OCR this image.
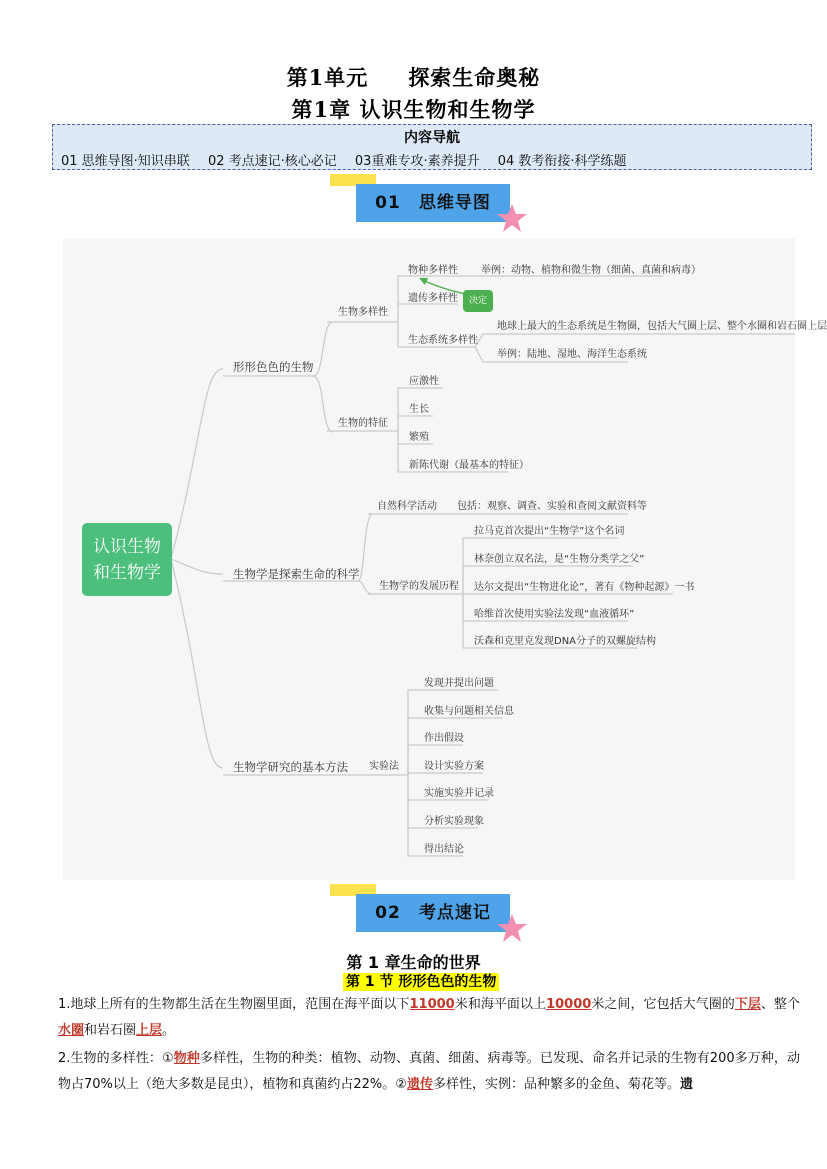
第1单元 探索生命奥秘
第1章 认识生物和生物学
内容导航
01 思维导图·知识串联 02 考点速记·核心必记 03重难专攻·素养提升 04 教考衔接·科学练题
01　思维导图
认识生物
和生物学
形形色色的生物
生物多样性
物种多样性 举例：动物、植物和微生物（细菌、真菌和病毒）
遗传多样性	决定
生态系统多样性
地球上最大的生态系统是生物圈，包括大气圈上层、整个水圈和岩石圈上层
举例：陆地、湿地、海洋生态系统
生物的特征
应激性
生长
繁殖
新陈代谢（最基本的特征）
生物学是探索生命的科学
自然科学活动 包括：观察、调查、实验和查阅文献资料等
生物学的发展历程
拉马克首次提出“生物学”这个名词
林奈创立双名法，是“生物分类学之父”
达尔文提出“生物进化论”，著有《物种起源》一书
哈维首次使用实验法发现“血液循环”
沃森和克里克发现DNA分子的双螺旋结构
生物学研究的基本方法 实验法
发现并提出问题
收集与问题相关信息
作出假设
设计实验方案
实施实验并记录
分析实验现象
得出结论
02　考点速记
第 1 章生命的世界
第 1 节 形形色色的生物
1.地球上所有的生物都生活在生物圈里面，范围在海平面以下11000米和海平面以上10000米之间，它包括大气圈的下层、整个水圈和岩石圈上层。
2.生物的多样性：①物种多样性，生物的种类：植物、动物、真菌、细菌、病毒等。已发现、命名并记录的生物有200多万种，动物占70%以上（绝大多数是昆虫），植物和真菌约占22%。②遗传多样性，实例：品种繁多的金鱼、菊花等。遗
